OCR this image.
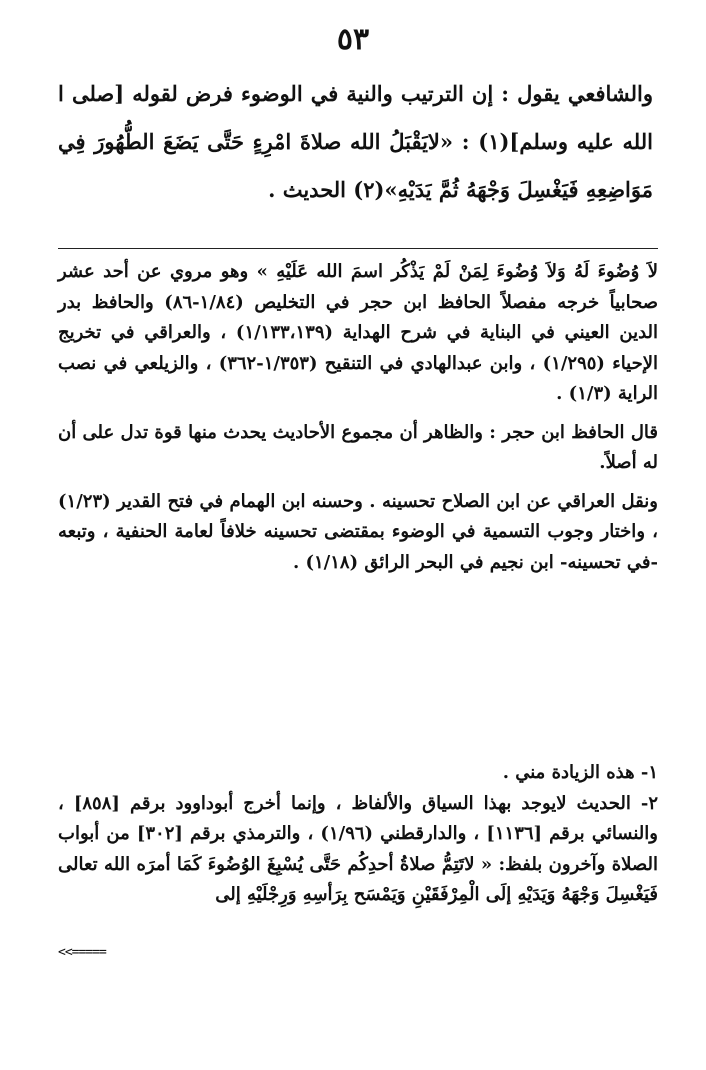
٥٣

والشافعي يقول : إن الترتيب والنية في الوضوء فرض لقوله [صلى ا الله عليه وسلم](١) : «لايَقْبَلُ الله صلاةَ امْرِءٍ حَتَّى يَضَعَ الطُّهُورَ فِي مَوَاضِعِهِ فَيَغْسِلَ وَجْهَهُ ثُمَّ يَدَيْهِ»(٢) الحديث .

لاَ وُضُوءَ لَهُ وَلاَ وُضُوءَ لِمَنْ لَمْ يَذْكُر اسمَ الله عَلَيْهِ » وهو مروي عن أحد عشر صحابياً خرجه مفصلاً الحافظ ابن حجر في التخليص (١/٨٤-٨٦) والحافظ بدر الدين العيني في البناية في شرح الهداية (١/١٣٣،١٣٩) ، والعراقي في تخريج الإحياء (١/٢٩٥) ، وابن عبدالهادي في التنقيح (١/٣٥٣-٣٦٢) ، والزيلعي في نصب الراية (١/٣) .

قال الحافظ ابن حجر : والظاهر أن مجموع الأحاديث يحدث منها قوة تدل على أن له أصلاً.

ونقل العراقي عن ابن الصلاح تحسينه . وحسنه ابن الهمام في فتح القدير (١/٢٣) ، واختار وجوب التسمية في الوضوء بمقتضى تحسينه خلافاً لعامة الحنفية ، وتبعه -في تحسينه- ابن نجيم في البحر الرائق (١/١٨) .

١- هذه الزيادة مني .

٢- الحديث لايوجد بهذا السياق والألفاظ ، وإنما أخرج أبوداوود برقم [٨٥٨] ، والنسائي برقم [١١٣٦] ، والدارقطني (١/٩٦) ، والترمذي برقم [٣٠٢] من أبواب الصلاة وآخرون بلفظ: « لاتَتِمُّ صلاةُ أحدِكُم حَتَّى يُسْبِغَ الوُضُوءَ كَمَا أمرَه الله تعالى فَيَغْسِلَ وَجْهَهُ وَيَدَيْهِ إلَى الْمِرْفَقَيْنِ وَيَمْسَح بِرَأسِهِ وَرِجْلَيْهِ إلى

<<=====
